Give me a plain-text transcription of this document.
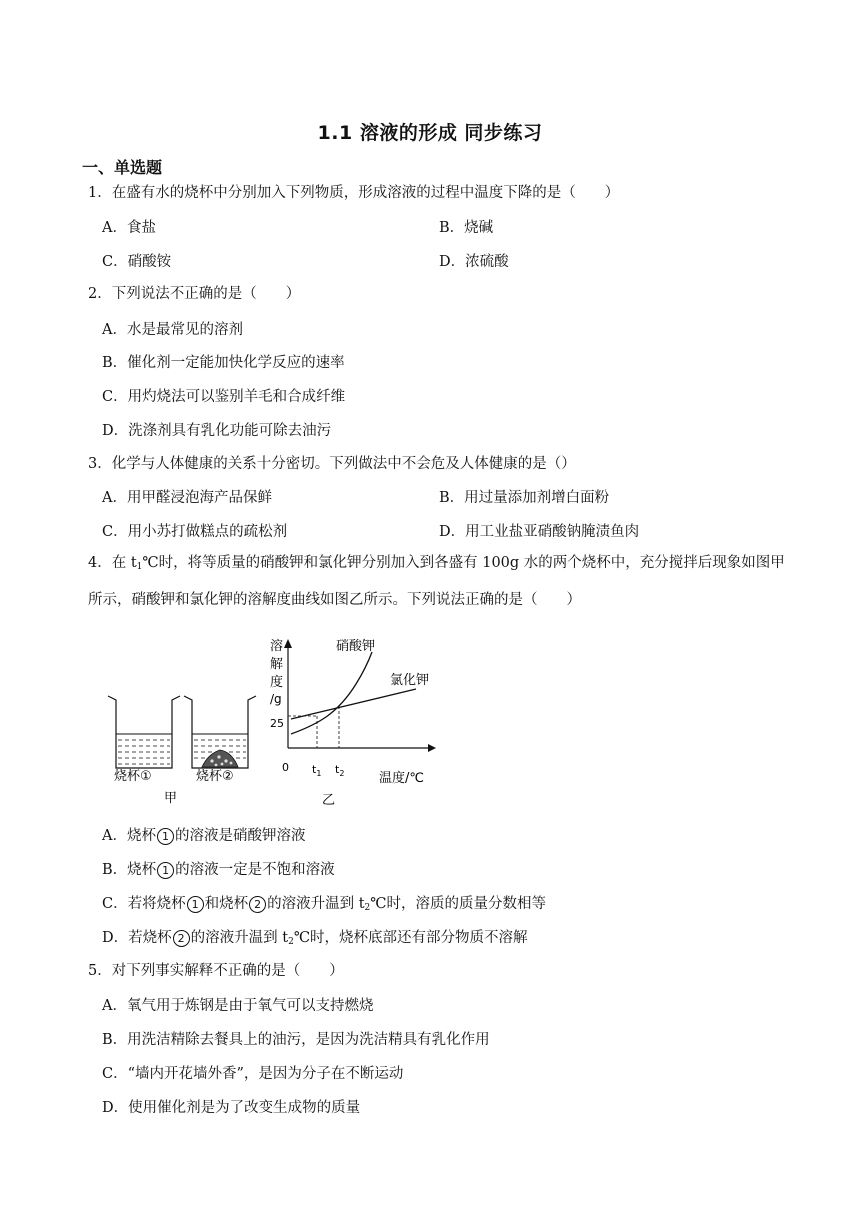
1.1 溶液的形成 同步练习
一、单选题
1．在盛有水的烧杯中分别加入下列物质，形成溶液的过程中温度下降的是（　　）
A．食盐	B．烧碱
C．硝酸铵	D．浓硫酸
2．下列说法不正确的是（　　）
A．水是最常见的溶剂
B．催化剂一定能加快化学反应的速率
C．用灼烧法可以鉴别羊毛和合成纤维
D．洗涤剂具有乳化功能可除去油污
3．化学与人体健康的关系十分密切。下列做法中不会危及人体健康的是（）
A．用甲醛浸泡海产品保鲜	B．用过量添加剂增白面粉
C．用小苏打做糕点的疏松剂	D．用工业盐亚硝酸钠腌渍鱼肉
4．在 $t_1℃$时，将等质量的硝酸钾和氯化钾分别加入到各盛有 100g 水的两个烧杯中，充分搅拌后现象如图甲所示，硝酸钾和氯化钾的溶解度曲线如图乙所示。下列说法正确的是（　　）
烧杯①	烧杯②
甲
溶
解
度
/g
25
0 $t_1$ $t_2$	温度/℃
乙
硝酸钾
氯化钾
A．烧杯 1 的溶液是硝酸钾溶液
B．烧杯 1 的溶液一定是不饱和溶液
C．若将烧杯 1 和烧杯 2 的溶液升温到 $t_2℃$时，溶质的质量分数相等
D．若烧杯 2 的溶液升温到 $t_2℃$时，烧杯底部还有部分物质不溶解
5．对下列事实解释不正确的是（　　）
A．氧气用于炼钢是由于氧气可以支持燃烧
B．用洗洁精除去餐具上的油污，是因为洗洁精具有乳化作用
C．“墙内开花墙外香”，是因为分子在不断运动
D．使用催化剂是为了改变生成物的质量
